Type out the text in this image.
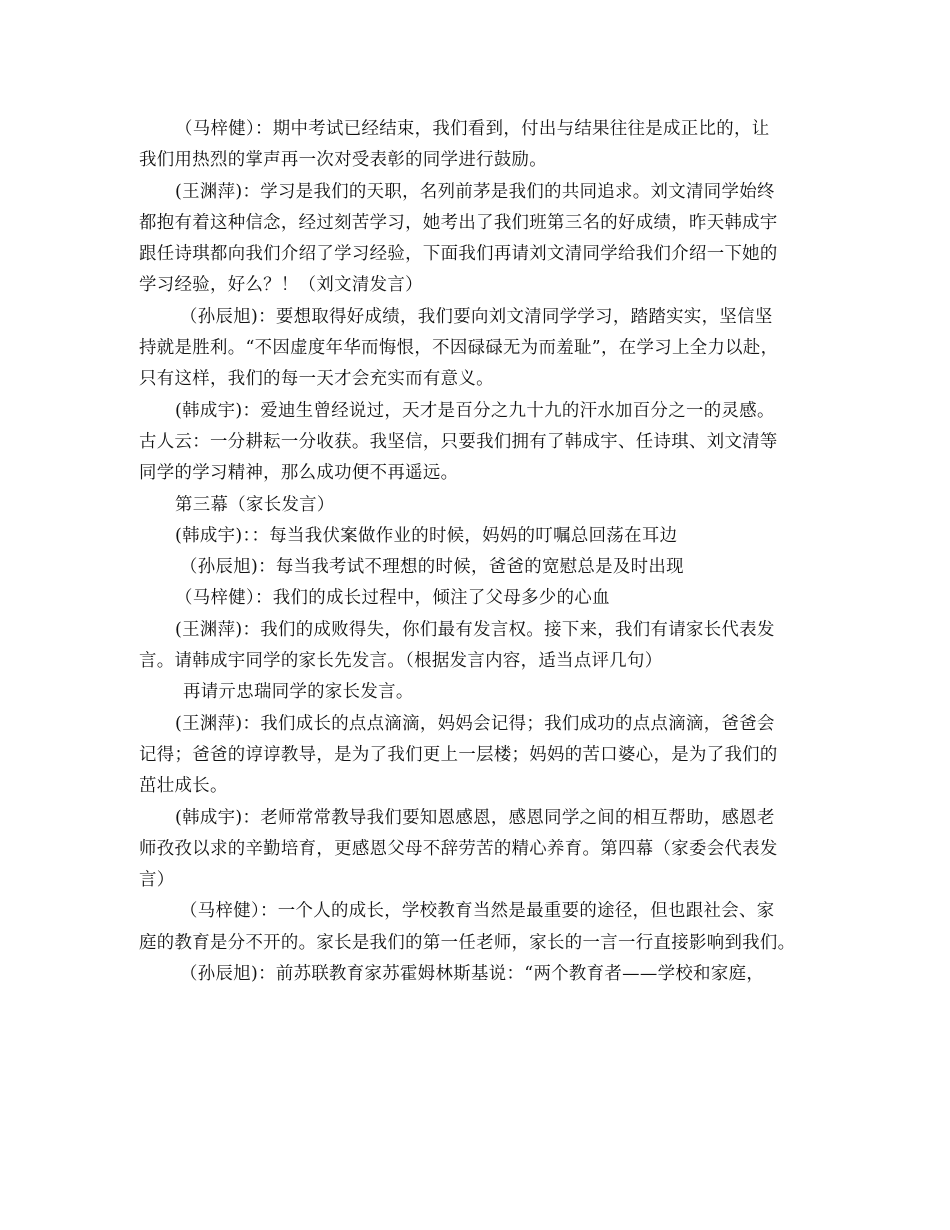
（马梓健）：期中考试已经结束，我们看到，付出与结果往往是成正比的，让
我们用热烈的掌声再一次对受表彰的同学进行鼓励。
(王渊萍)：学习是我们的天职，名列前茅是我们的共同追求。刘文清同学始终
都抱有着这种信念，经过刻苦学习，她考出了我们班第三名的好成绩，昨天韩成宇
跟任诗琪都向我们介绍了学习经验，下面我们再请刘文清同学给我们介绍一下她的
学习经验，好么？！（刘文清发言）
（孙辰旭)：要想取得好成绩，我们要向刘文清同学学习，踏踏实实，坚信坚
持就是胜利。“不因虚度年华而悔恨，不因碌碌无为而羞耻”，在学习上全力以赴，
只有这样，我们的每一天才会充实而有意义。
(韩成宇)：爱迪生曾经说过，天才是百分之九十九的汗水加百分之一的灵感。
古人云：一分耕耘一分收获。我坚信，只要我们拥有了韩成宇、任诗琪、刘文清等
同学的学习精神，那么成功便不再遥远。
第三幕（家长发言）
(韩成宇)：：每当我伏案做作业的时候，妈妈的叮嘱总回荡在耳边
（孙辰旭)：每当我考试不理想的时候，爸爸的宽慰总是及时出现
（马梓健）：我们的成长过程中，倾注了父母多少的心血
(王渊萍)：我们的成败得失，你们最有发言权。接下来，我们有请家长代表发
言。请韩成宇同学的家长先发言。（根据发言内容，适当点评几句）
再请亓忠瑞同学的家长发言。
(王渊萍)：我们成长的点点滴滴，妈妈会记得；我们成功的点点滴滴，爸爸会
记得；爸爸的谆谆教导，是为了我们更上一层楼；妈妈的苦口婆心，是为了我们的
茁壮成长。
(韩成宇)：老师常常教导我们要知恩感恩，感恩同学之间的相互帮助，感恩老
师孜孜以求的辛勤培育，更感恩父母不辞劳苦的精心养育。第四幕（家委会代表发
言）
（马梓健）：一个人的成长，学校教育当然是最重要的途径，但也跟社会、家
庭的教育是分不开的。家长是我们的第一任老师，家长的一言一行直接影响到我们。
（孙辰旭)：前苏联教育家苏霍姆林斯基说：“两个教育者——学校和家庭，
